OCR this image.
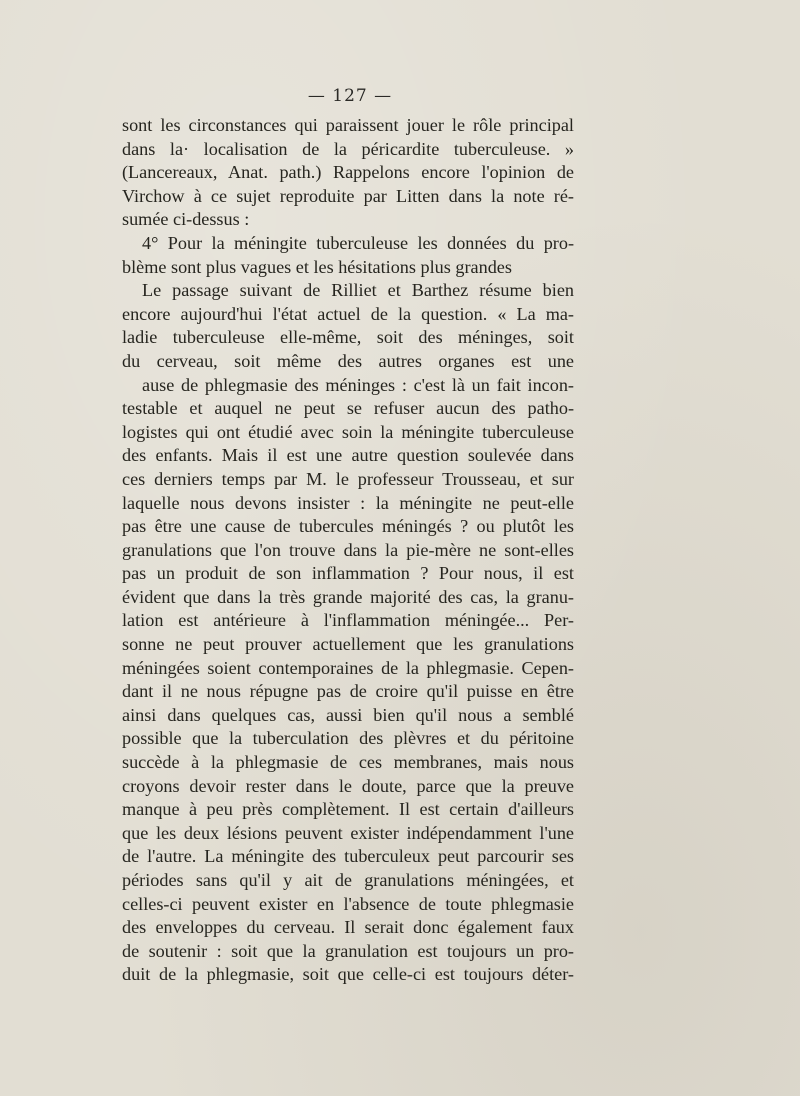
— 127 —
sont les circonstances qui paraissent jouer le rôle principal
dans la· localisation de la péricardite tuberculeuse. »
(Lancereaux, Anat. path.) Rappelons encore l'opinion de
Virchow à ce sujet reproduite par Litten dans la note ré-
sumée ci-dessus :
4° Pour la méningite tuberculeuse les données du pro-
blème sont plus vagues et les hésitations plus grandes
Le passage suivant de Rilliet et Barthez résume bien
encore aujourd'hui l'état actuel de la question. « La ma-
ladie tuberculeuse elle-même, soit des méninges, soit
du cerveau, soit même des autres organes est une
ause de phlegmasie des méninges : c'est là un fait incon-
testable et auquel ne peut se refuser aucun des patho-
logistes qui ont étudié avec soin la méningite tuberculeuse
des enfants. Mais il est une autre question soulevée dans
ces derniers temps par M. le professeur Trousseau, et sur
laquelle nous devons insister : la méningite ne peut-elle
pas être une cause de tubercules méningés ? ou plutôt les
granulations que l'on trouve dans la pie-mère ne sont-elles
pas un produit de son inflammation ? Pour nous, il est
évident que dans la très grande majorité des cas, la granu-
lation est antérieure à l'inflammation méningée... Per-
sonne ne peut prouver actuellement que les granulations
méningées soient contemporaines de la phlegmasie. Cepen-
dant il ne nous répugne pas de croire qu'il puisse en être
ainsi dans quelques cas, aussi bien qu'il nous a semblé
possible que la tuberculation des plèvres et du péritoine
succède à la phlegmasie de ces membranes, mais nous
croyons devoir rester dans le doute, parce que la preuve
manque à peu près complètement. Il est certain d'ailleurs
que les deux lésions peuvent exister indépendamment l'une
de l'autre. La méningite des tuberculeux peut parcourir ses
périodes sans qu'il y ait de granulations méningées, et
celles-ci peuvent exister en l'absence de toute phlegmasie
des enveloppes du cerveau. Il serait donc également faux
de soutenir : soit que la granulation est toujours un pro-
duit de la phlegmasie, soit que celle-ci est toujours déter-
